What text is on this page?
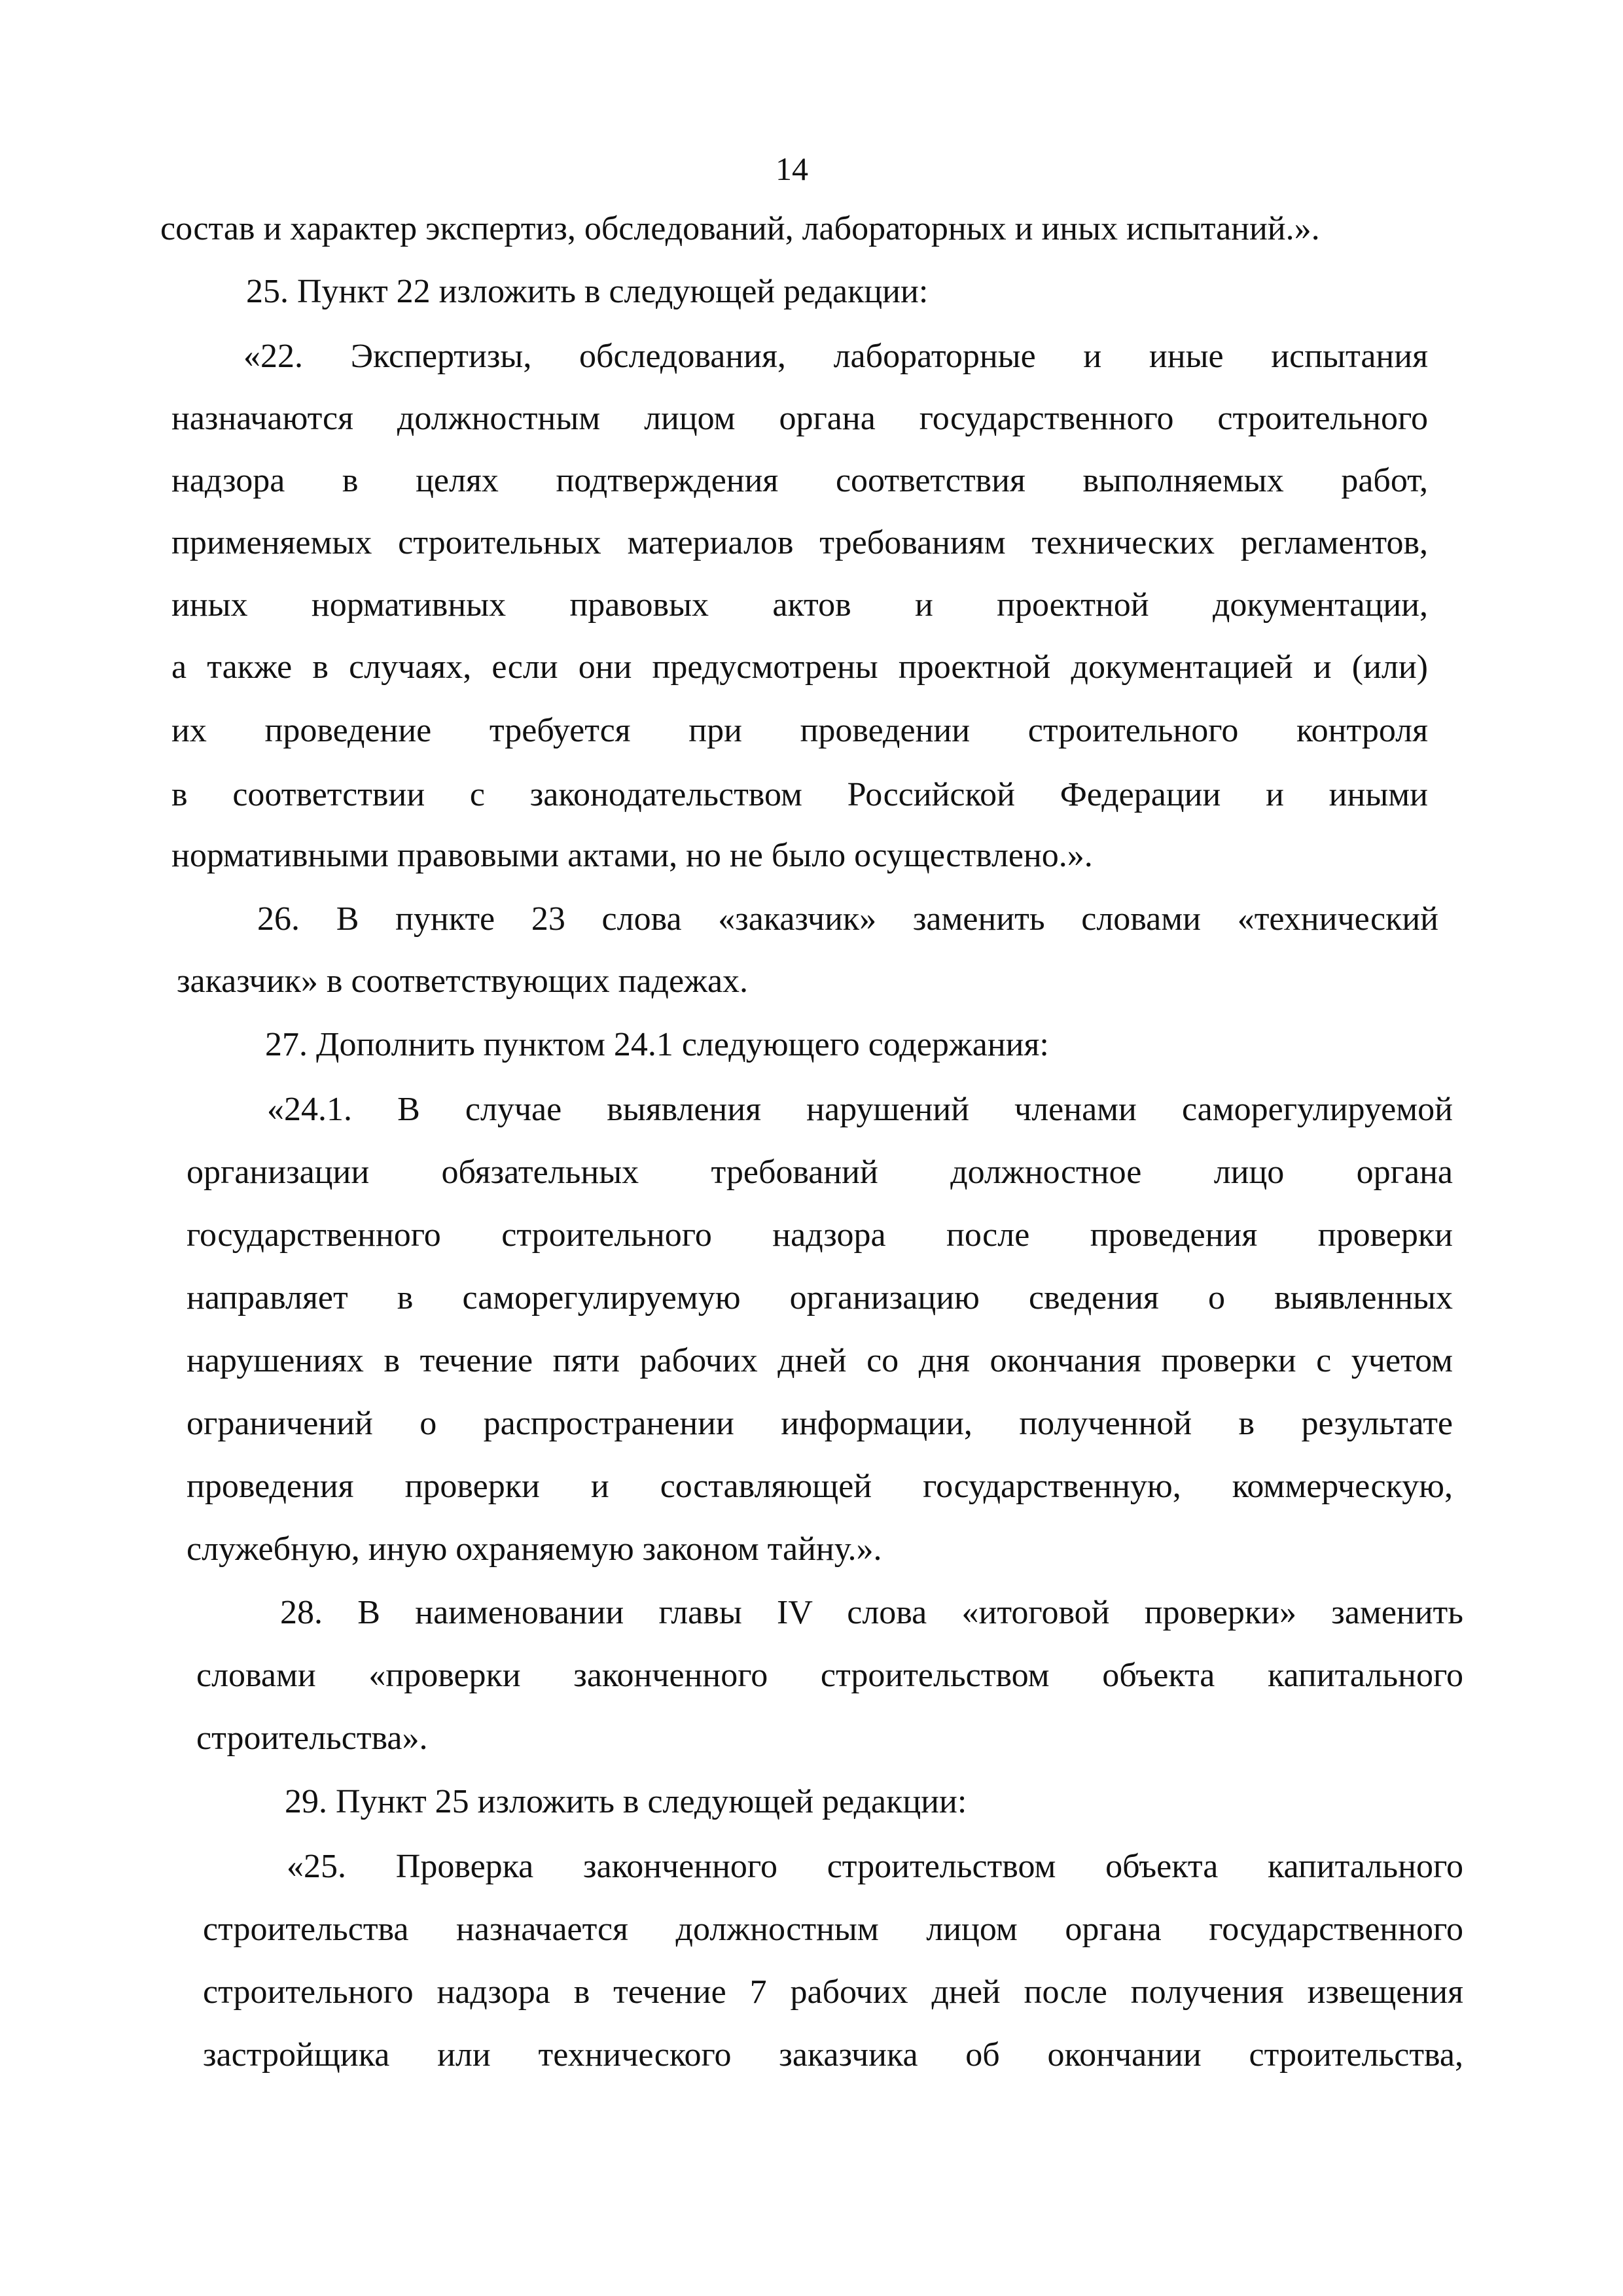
14
состав и характер экспертиз, обследований, лабораторных и иных испытаний.».
25. Пункт 22 изложить в следующей редакции:
«22. Экспертизы, обследования, лабораторные и иные испытания
назначаются должностным лицом органа государственного строительного
надзора в целях подтверждения соответствия выполняемых работ,
применяемых строительных материалов требованиям технических регламентов,
иных нормативных правовых актов и проектной документации,
а также в случаях, если они предусмотрены проектной документацией и (или)
их проведение требуется при проведении строительного контроля
в соответствии с законодательством Российской Федерации и иными
нормативными правовыми актами, но не было осуществлено.».
26. В пункте 23 слова «заказчик» заменить словами «технический
заказчик» в соответствующих падежах.
27. Дополнить пунктом 24.1 следующего содержания:
«24.1. В случае выявления нарушений членами саморегулируемой
организации обязательных требований должностное лицо органа
государственного строительного надзора после проведения проверки
направляет в саморегулируемую организацию сведения о выявленных
нарушениях в течение пяти рабочих дней со дня окончания проверки с учетом
ограничений о распространении информации, полученной в результате
проведения проверки и составляющей государственную, коммерческую,
служебную, иную охраняемую законом тайну.».
28. В наименовании главы IV слова «итоговой проверки» заменить
словами «проверки законченного строительством объекта капитального
строительства».
29. Пункт 25 изложить в следующей редакции:
«25. Проверка законченного строительством объекта капитального
строительства назначается должностным лицом органа государственного
строительного надзора в течение 7 рабочих дней после получения извещения
застройщика или технического заказчика об окончании строительства,
